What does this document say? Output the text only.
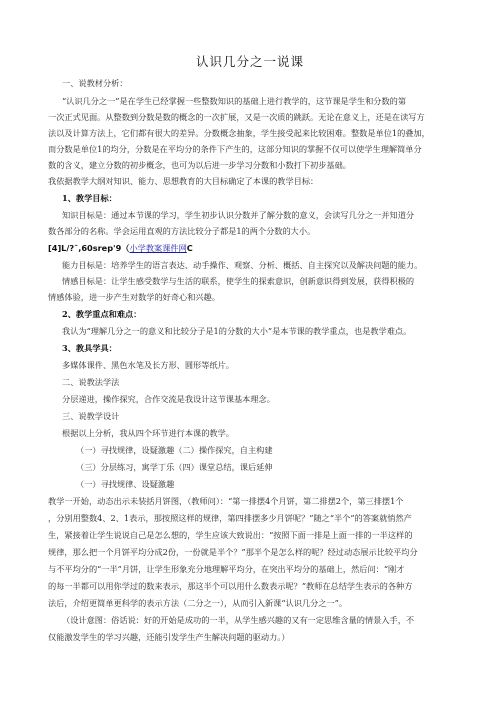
认识几分之一说课
一、说教材分析：
“认识几分之一”是在学生已经掌握一些整数知识的基础上进行教学的，这节课是学生和分数的第
一次正式见面。从整数到分数是数的概念的一次扩展，又是一次质的跳跃。无论在意义上，还是在读写方
法以及计算方法上，它们都有很大的差异。分数概念抽象，学生接受起来比较困难。整数是单位1的叠加，
而分数是单位1的均分，分数是在平均分的条件下产生的，这部分知识的掌握不仅可以使学生理解简单分
数的含义，建立分数的初步概念，也可为以后进一步学习分数和小数打下初步基础。
我依据教学大纲对知识、能力、思想教育的大目标确定了本课的教学目标：
1、教学目标：
知识目标是：通过本节课的学习，学生初步认识分数并了解分数的意义，会读写几分之一并知道分
数各部分的名称。学会运用直观的方法比较分子都是1的两个分数的大小。
[4]L/?¯,60srep'9（小学教案课件网C
能力目标是：培养学生的语言表达、动手操作、观察、分析、概括、自主探究以及解决问题的能力。
情感目标是：让学生感受数学与生活的联系，使学生的探索意识，创新意识得到发展，获得积极的
情感体验，进一步产生对数学的好奇心和兴趣。
2、教学重点和难点：
我认为“理解几分之一的意义和比较分子是1的分数的大小”是本节课的教学重点，也是教学难点。
3、教具学具：
多媒体课件、黑色水笔及长方形、圆形等纸片。
二、说教法学法
分层递进，操作探究，合作交流是我设计这节课基本理念。
三、说教学设计
根据以上分析，我从四个环节进行本课的教学。
（一）寻找规律，设疑激趣（二）操作探究，自主构建
（三）分层练习，寓学丁乐（四）课堂总结，课后延伸
（一）寻找规律、设疑激趣
教学一开始，动态出示未装括月饼图，（教师问）：“第一排摆4个月饼，第二排摆2个，第三排摆1个
，分别用整数4、2、1表示，那按照这样的规律，第四排摆多少月饼呢？”随之“半个”的答案就悄然产
生，紧接着让学生说说自己是怎么想的，学生应该大致说出：“按照下面一排是上面一排的一半这样的
规律，那么把一个月饼平均分成2份，一份就是半个？”那半个是怎么样的呢？经过动态展示比较平均分
与不平均分的“一半”月饼，让学生形象充分地理解平均分，在突出平均分的基础上，然后问：“刚才
的每一半都可以用你学过的数来表示，那这半个可以用什么数表示呢？”教师在总结学生表示的各种方
法后，介绍更简单更科学的表示方法（二分之一），从而引入新课“认识几分之一”。
（设计意图：俗话说：好的开始是成功的一半，从学生感兴趣的又有一定思维含量的情景入手，不
仅能激发学生的学习兴趣，还能引发学生产生解决问题的驱动力。）
